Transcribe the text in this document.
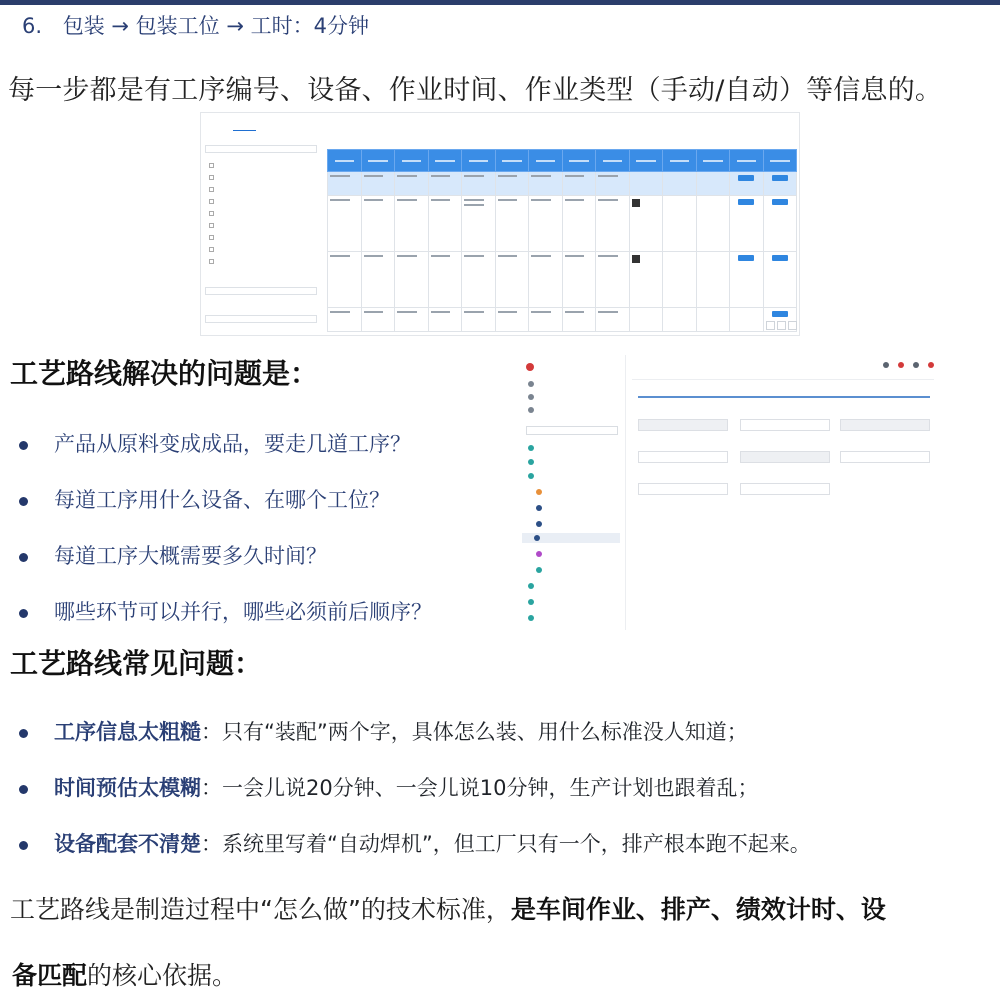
6. 包装 → 包装工位 → 工时：4分钟
每一步都是有工序编号、设备、作业时间、作业类型（手动/自动）等信息的。

工艺路线解决的问题是：
产品从原料变成成品，要走几道工序？
每道工序用什么设备、在哪个工位？
每道工序大概需要多久时间？
哪些环节可以并行，哪些必须前后顺序？

工艺路线常见问题：
工序信息太粗糙：只有“装配”两个字，具体怎么装、用什么标准没人知道；
时间预估太模糊：一会儿说20分钟、一会儿说10分钟，生产计划也跟着乱；
设备配套不清楚：系统里写着“自动焊机”，但工厂只有一个，排产根本跑不起来。
工艺路线是制造过程中“怎么做”的技术标准，是车间作业、排产、绩效计时、设
备匹配的核心依据。
